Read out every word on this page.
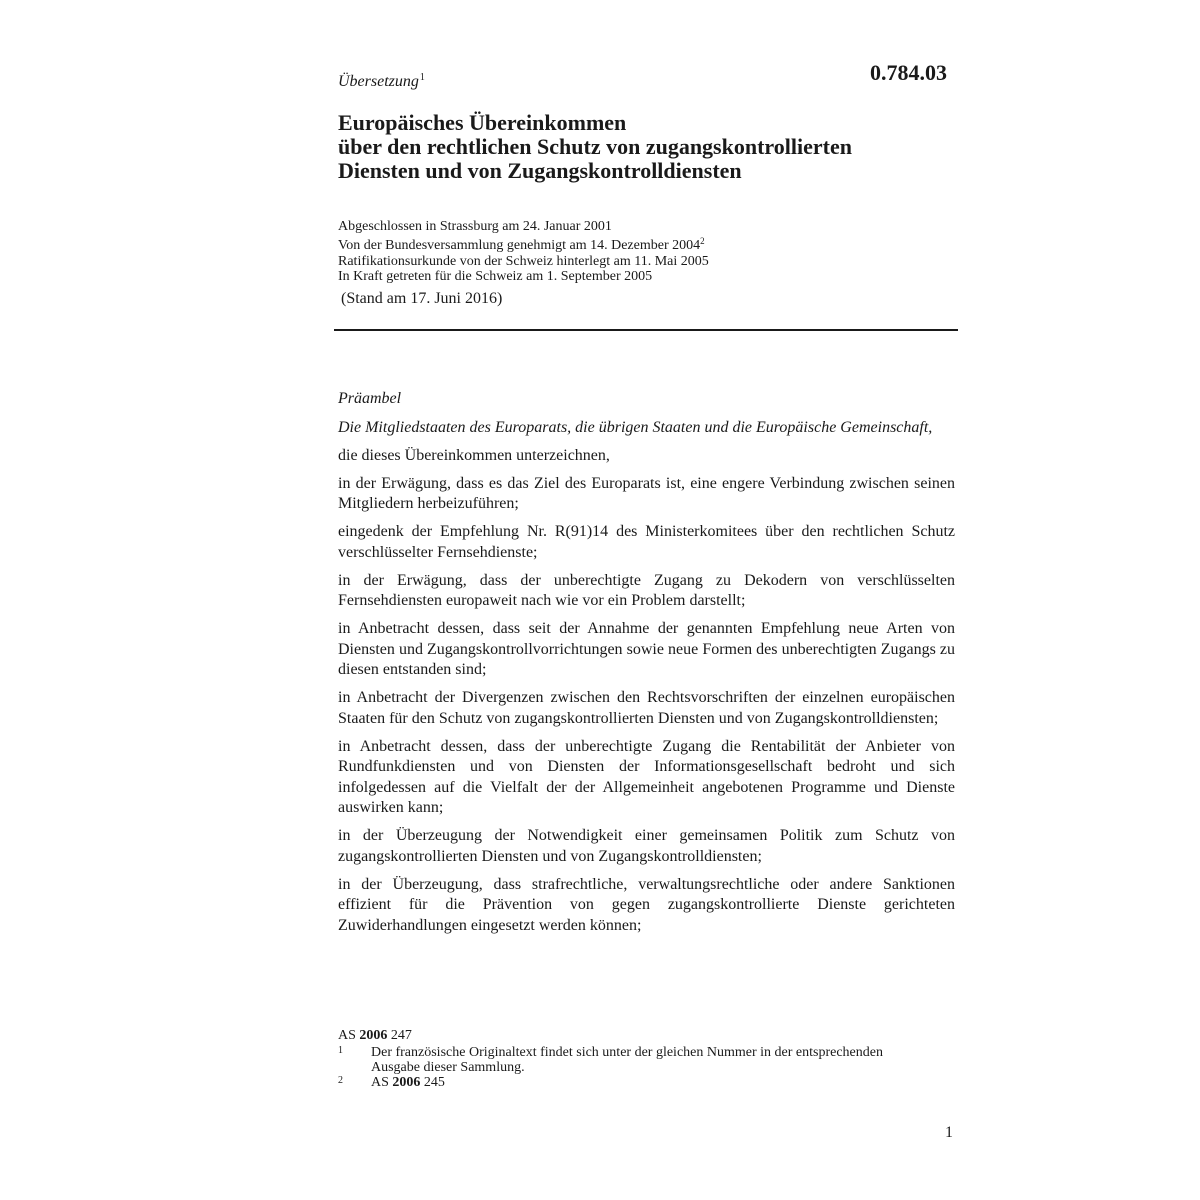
Übersetzung$^1$	0.784.03
Europäisches Übereinkommen
über den rechtlichen Schutz von zugangskontrollierten
Diensten und von Zugangskontrolldiensten
Abgeschlossen in Strassburg am 24. Januar 2001
Von der Bundesversammlung genehmigt am 14. Dezember 2004$^2$
Ratifikationsurkunde von der Schweiz hinterlegt am 11. Mai 2005
In Kraft getreten für die Schweiz am 1. September 2005
(Stand am 17. Juni 2016)

Präambel

Die Mitgliedstaaten des Europarats, die übrigen Staaten und die Europäische Gemeinschaft,

die dieses Übereinkommen unterzeichnen,

in der Erwägung, dass es das Ziel des Europarats ist, eine engere Verbindung zwischen seinen Mitgliedern herbeizuführen;

eingedenk der Empfehlung Nr. R(91)14 des Ministerkomitees über den rechtlichen Schutz verschlüsselter Fernsehdienste;

in der Erwägung, dass der unberechtigte Zugang zu Dekodern von verschlüsselten Fernsehdiensten europaweit nach wie vor ein Problem darstellt;

in Anbetracht dessen, dass seit der Annahme der genannten Empfehlung neue Arten von Diensten und Zugangskontrollvorrichtungen sowie neue Formen des unberechtigten Zugangs zu diesen entstanden sind;

in Anbetracht der Divergenzen zwischen den Rechtsvorschriften der einzelnen europäischen Staaten für den Schutz von zugangskontrollierten Diensten und von Zugangskontrolldiensten;

in Anbetracht dessen, dass der unberechtigte Zugang die Rentabilität der Anbieter von Rundfunkdiensten und von Diensten der Informationsgesellschaft bedroht und sich infolgedessen auf die Vielfalt der der Allgemeinheit angebotenen Programme und Dienste auswirken kann;

in der Überzeugung der Notwendigkeit einer gemeinsamen Politik zum Schutz von zugangskontrollierten Diensten und von Zugangskontrolldiensten;

in der Überzeugung, dass strafrechtliche, verwaltungsrechtliche oder andere Sanktionen effizient für die Prävention von gegen zugangskontrollierte Dienste gerichteten Zuwiderhandlungen eingesetzt werden können;

AS 2006 247
1	Der französische Originaltext findet sich unter der gleichen Nummer in der entsprechenden Ausgabe dieser Sammlung.
2	AS 2006 245
1
